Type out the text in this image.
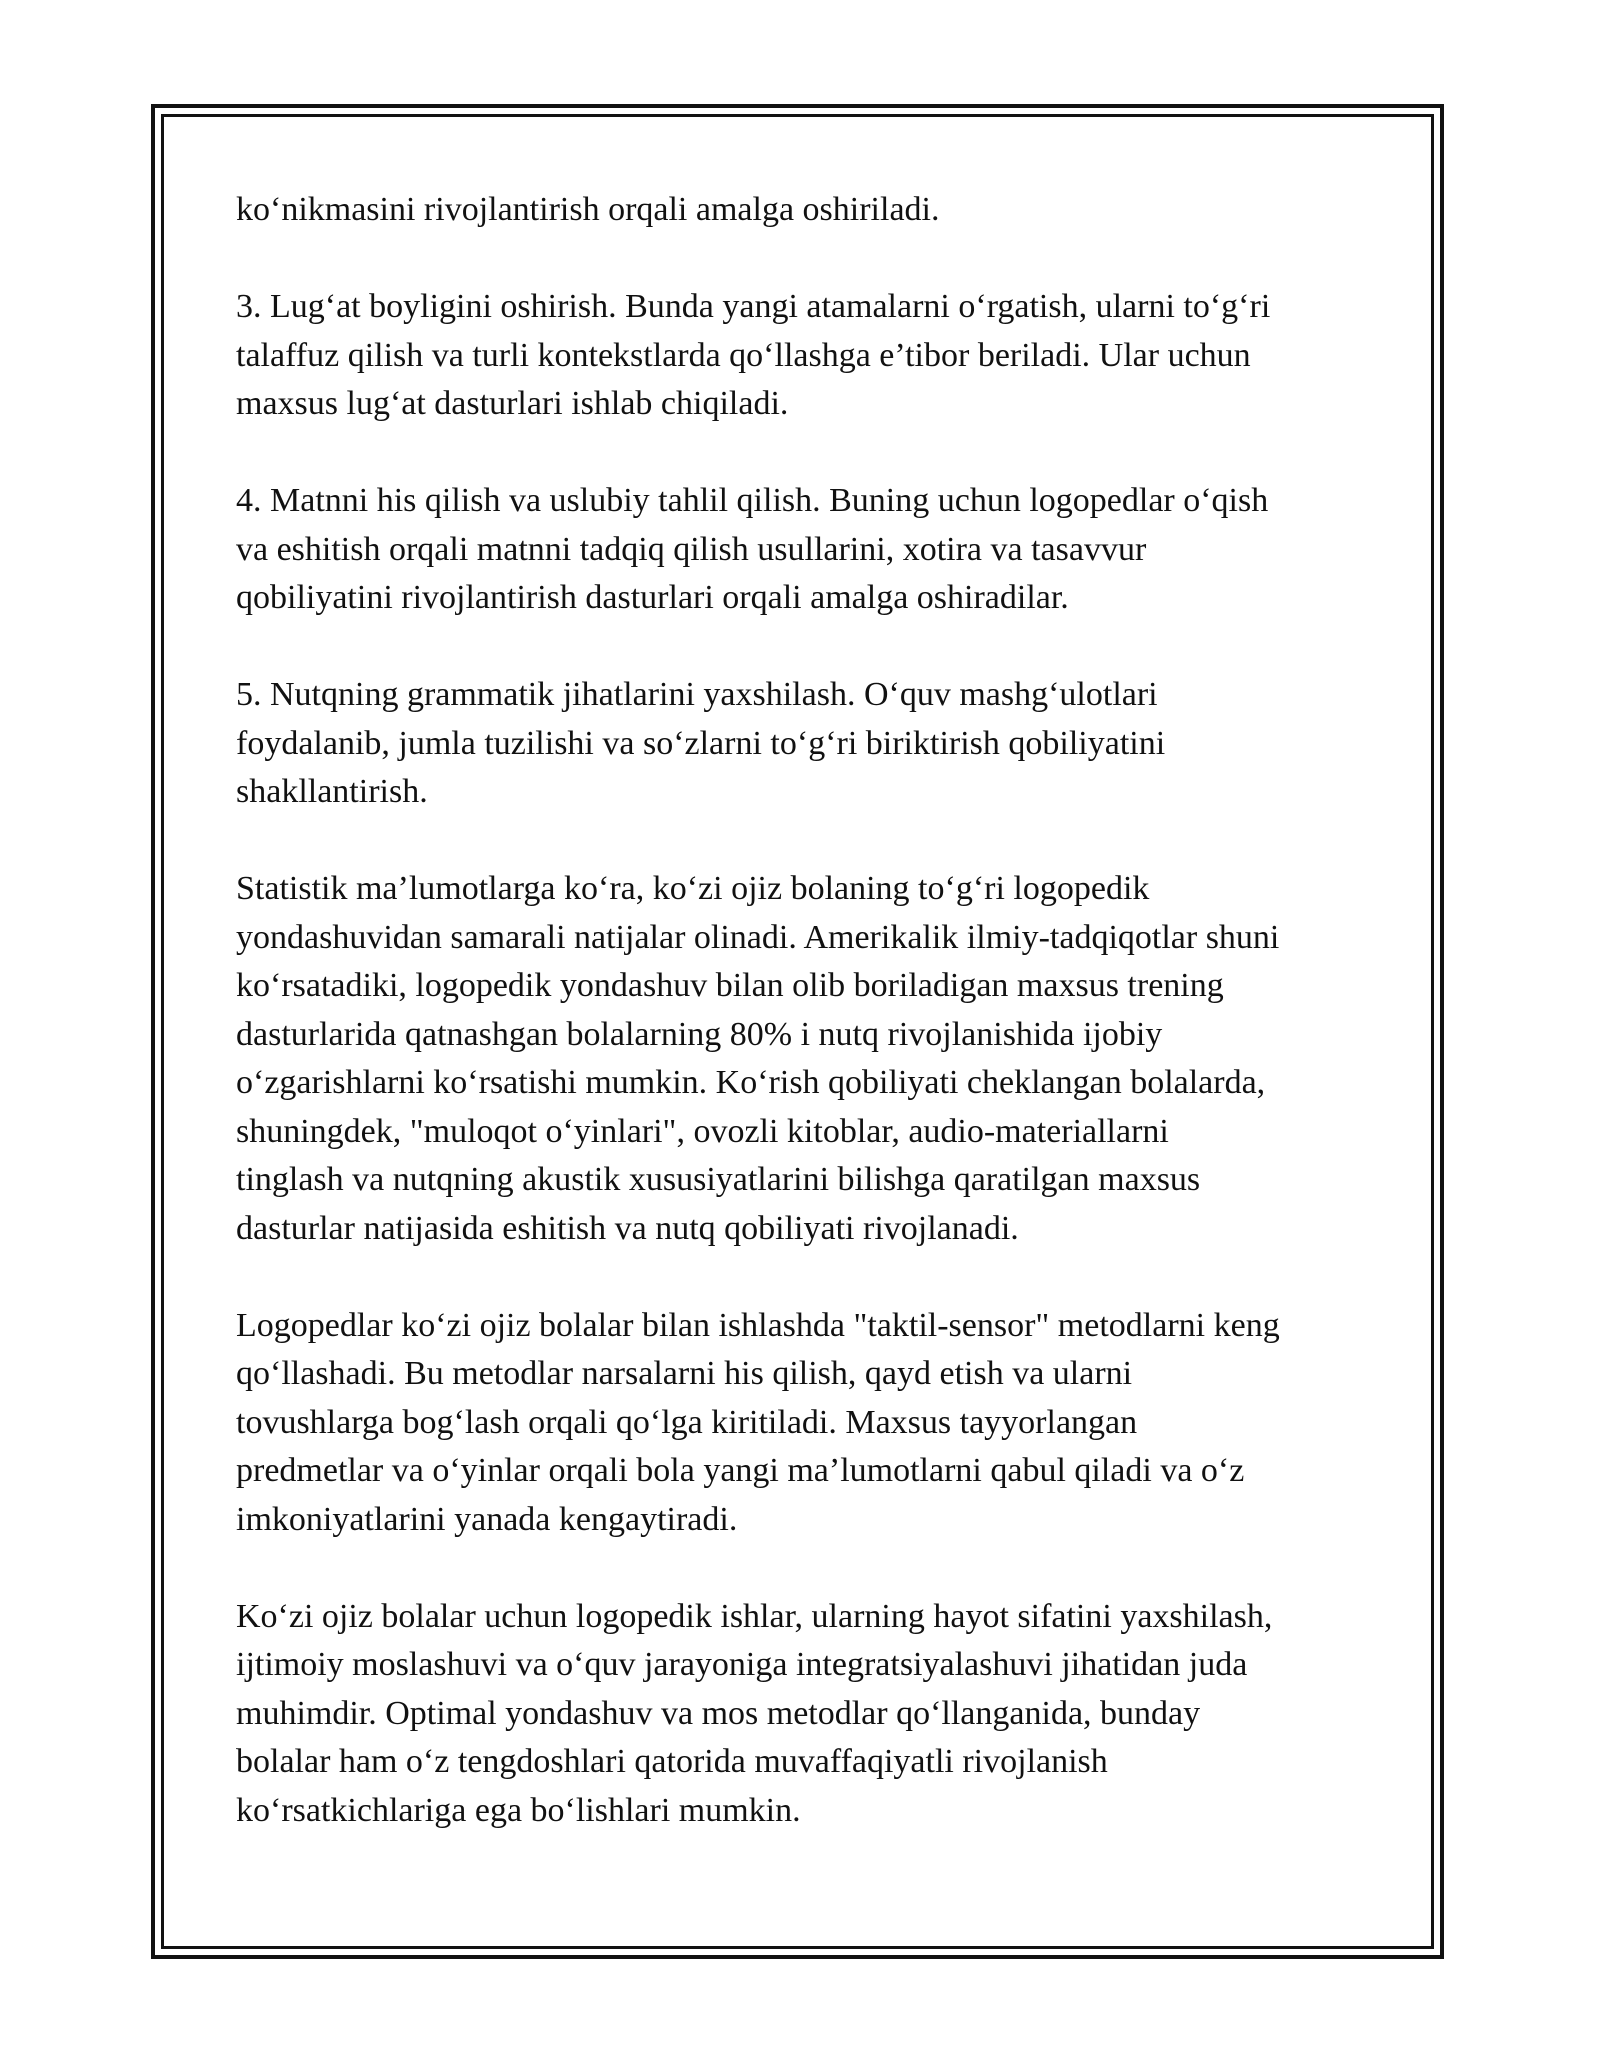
ko‘nikmasini rivojlantirish orqali amalga oshiriladi.

3. Lug‘at boyligini oshirish. Bunda yangi atamalarni o‘rgatish, ularni to‘g‘ri
talaffuz qilish va turli kontekstlarda qo‘llashga e’tibor beriladi. Ular uchun
maxsus lug‘at dasturlari ishlab chiqiladi.

4. Matnni his qilish va uslubiy tahlil qilish. Buning uchun logopedlar o‘qish
va eshitish orqali matnni tadqiq qilish usullarini, xotira va tasavvur
qobiliyatini rivojlantirish dasturlari orqali amalga oshiradilar.

5. Nutqning grammatik jihatlarini yaxshilash. O‘quv mashg‘ulotlari
foydalanib, jumla tuzilishi va so‘zlarni to‘g‘ri biriktirish qobiliyatini
shakllantirish.

Statistik ma’lumotlarga ko‘ra, ko‘zi ojiz bolaning to‘g‘ri logopedik
yondashuvidan samarali natijalar olinadi. Amerikalik ilmiy-tadqiqotlar shuni
ko‘rsatadiki, logopedik yondashuv bilan olib boriladigan maxsus trening
dasturlarida qatnashgan bolalarning 80% i nutq rivojlanishida ijobiy
o‘zgarishlarni ko‘rsatishi mumkin. Ko‘rish qobiliyati cheklangan bolalarda,
shuningdek, "muloqot o‘yinlari", ovozli kitoblar, audio-materiallarni
tinglash va nutqning akustik xususiyatlarini bilishga qaratilgan maxsus
dasturlar natijasida eshitish va nutq qobiliyati rivojlanadi.

Logopedlar ko‘zi ojiz bolalar bilan ishlashda "taktil-sensor" metodlarni keng
qo‘llashadi. Bu metodlar narsalarni his qilish, qayd etish va ularni
tovushlarga bog‘lash orqali qo‘lga kiritiladi. Maxsus tayyorlangan
predmetlar va o‘yinlar orqali bola yangi ma’lumotlarni qabul qiladi va o‘z
imkoniyatlarini yanada kengaytiradi.

Ko‘zi ojiz bolalar uchun logopedik ishlar, ularning hayot sifatini yaxshilash,
ijtimoiy moslashuvi va o‘quv jarayoniga integratsiyalashuvi jihatidan juda
muhimdir. Optimal yondashuv va mos metodlar qo‘llanganida, bunday
bolalar ham o‘z tengdoshlari qatorida muvaffaqiyatli rivojlanish
ko‘rsatkichlariga ega bo‘lishlari mumkin.
